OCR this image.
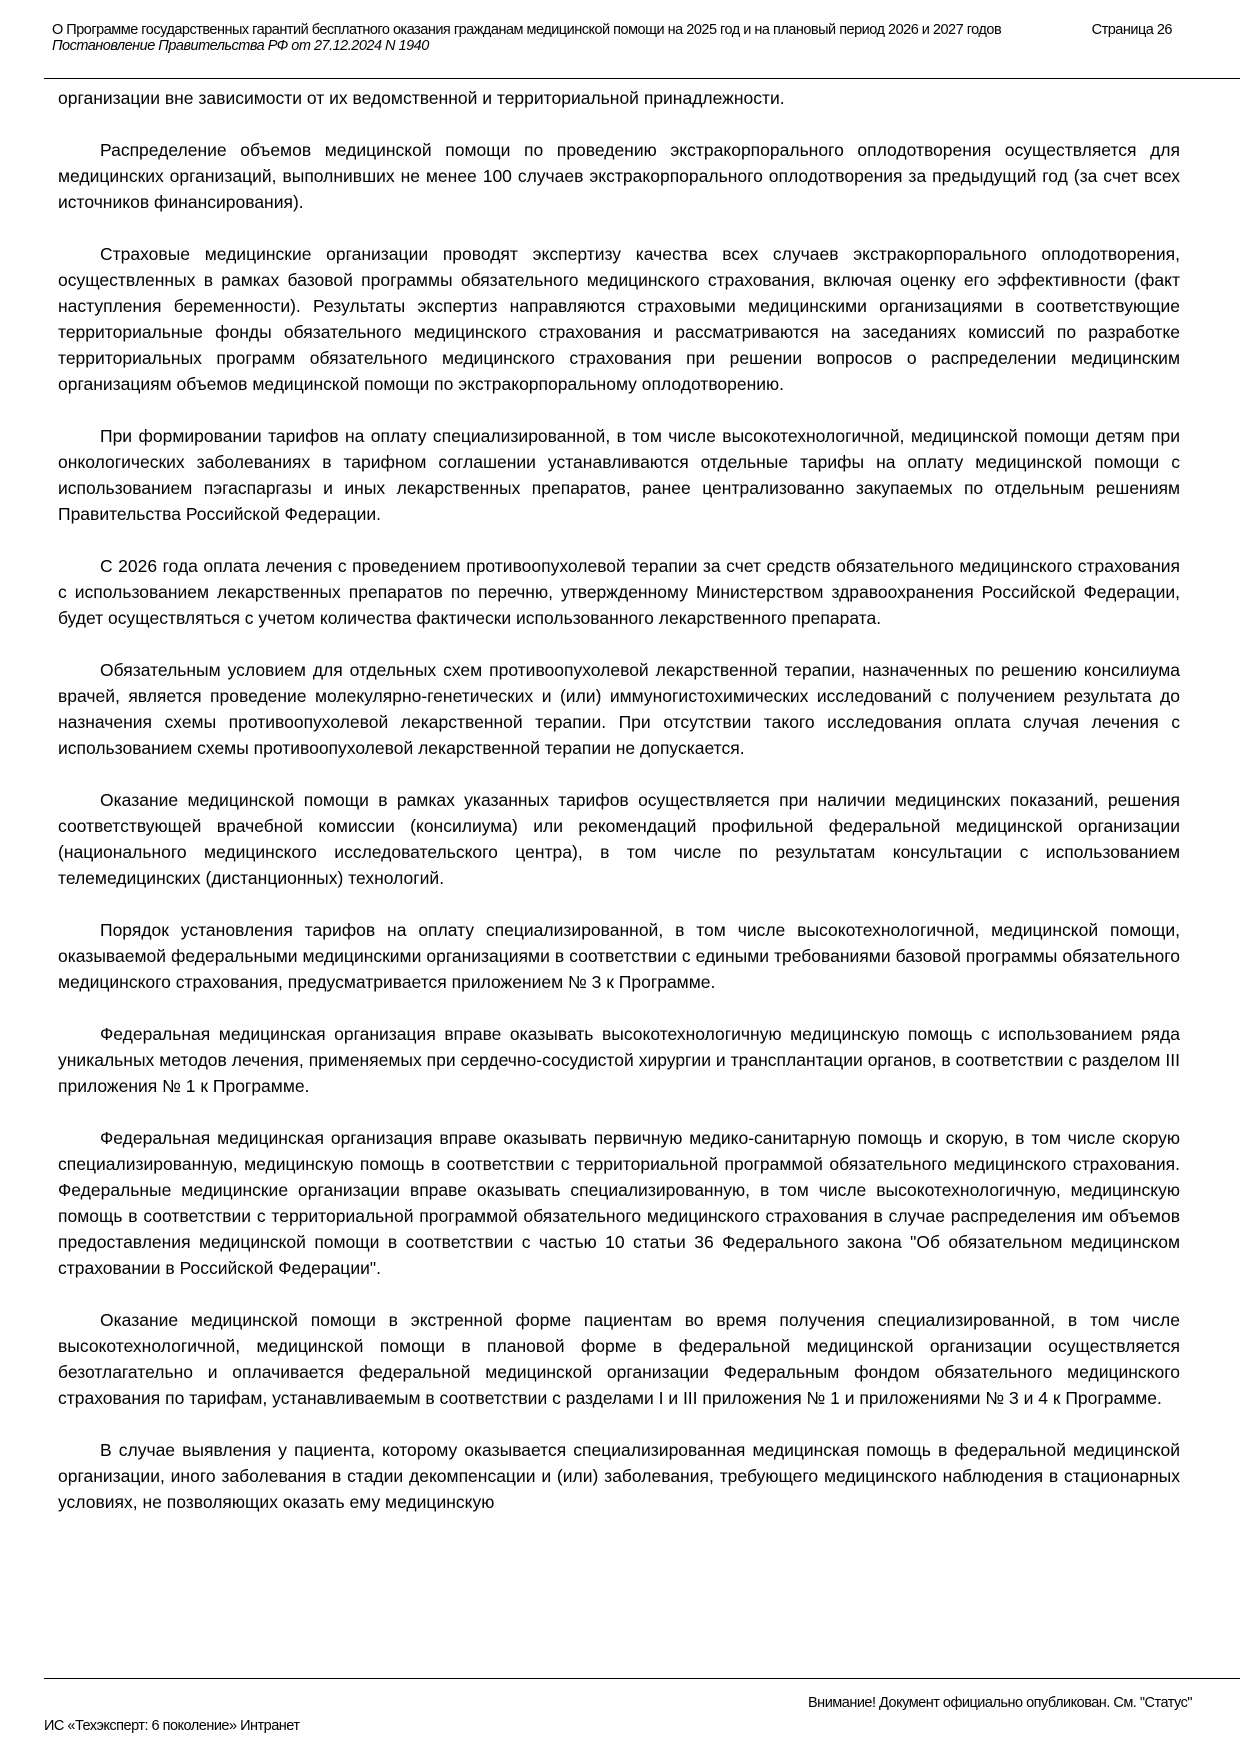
О Программе государственных гарантий бесплатного оказания гражданам медицинской помощи на 2025 год и на плановый период 2026 и 2027 годов
Постановление Правительства РФ от 27.12.2024 N 1940
Страница 26

организации вне зависимости от их ведомственной и территориальной принадлежности.

Распределение объемов медицинской помощи по проведению экстракорпорального оплодотворения осуществляется для медицинских организаций, выполнивших не менее 100 случаев экстракорпорального оплодотворения за предыдущий год (за счет всех источников финансирования).

Страховые медицинские организации проводят экспертизу качества всех случаев экстракорпорального оплодотворения, осуществленных в рамках базовой программы обязательного медицинского страхования, включая оценку его эффективности (факт наступления беременности). Результаты экспертиз направляются страховыми медицинскими организациями в соответствующие территориальные фонды обязательного медицинского страхования и рассматриваются на заседаниях комиссий по разработке территориальных программ обязательного медицинского страхования при решении вопросов о распределении медицинским организациям объемов медицинской помощи по экстракорпоральному оплодотворению.

При формировании тарифов на оплату специализированной, в том числе высокотехнологичной, медицинской помощи детям при онкологических заболеваниях в тарифном соглашении устанавливаются отдельные тарифы на оплату медицинской помощи с использованием пэгаспаргазы и иных лекарственных препаратов, ранее централизованно закупаемых по отдельным решениям Правительства Российской Федерации.

С 2026 года оплата лечения с проведением противоопухолевой терапии за счет средств обязательного медицинского страхования с использованием лекарственных препаратов по перечню, утвержденному Министерством здравоохранения Российской Федерации, будет осуществляться с учетом количества фактически использованного лекарственного препарата.

Обязательным условием для отдельных схем противоопухолевой лекарственной терапии, назначенных по решению консилиума врачей, является проведение молекулярно-генетических и (или) иммуногистохимических исследований с получением результата до назначения схемы противоопухолевой лекарственной терапии. При отсутствии такого исследования оплата случая лечения с использованием схемы противоопухолевой лекарственной терапии не допускается.

Оказание медицинской помощи в рамках указанных тарифов осуществляется при наличии медицинских показаний, решения соответствующей врачебной комиссии (консилиума) или рекомендаций профильной федеральной медицинской организации (национального медицинского исследовательского центра), в том числе по результатам консультации с использованием телемедицинских (дистанционных) технологий.

Порядок установления тарифов на оплату специализированной, в том числе высокотехнологичной, медицинской помощи, оказываемой федеральными медицинскими организациями в соответствии с едиными требованиями базовой программы обязательного медицинского страхования, предусматривается приложением № 3 к Программе.

Федеральная медицинская организация вправе оказывать высокотехнологичную медицинскую помощь с использованием ряда уникальных методов лечения, применяемых при сердечно-сосудистой хирургии и трансплантации органов, в соответствии с разделом III приложения № 1 к Программе.

Федеральная медицинская организация вправе оказывать первичную медико-санитарную помощь и скорую, в том числе скорую специализированную, медицинскую помощь в соответствии с территориальной программой обязательного медицинского страхования. Федеральные медицинские организации вправе оказывать специализированную, в том числе высокотехнологичную, медицинскую помощь в соответствии с территориальной программой обязательного медицинского страхования в случае распределения им объемов предоставления медицинской помощи в соответствии с частью 10 статьи 36 Федерального закона "Об обязательном медицинском страховании в Российской Федерации".

Оказание медицинской помощи в экстренной форме пациентам во время получения специализированной, в том числе высокотехнологичной, медицинской помощи в плановой форме в федеральной медицинской организации осуществляется безотлагательно и оплачивается федеральной медицинской организации Федеральным фондом обязательного медицинского страхования по тарифам, устанавливаемым в соответствии с разделами I и III приложения № 1 и приложениями № 3 и 4 к Программе.

В случае выявления у пациента, которому оказывается специализированная медицинская помощь в федеральной медицинской организации, иного заболевания в стадии декомпенсации и (или) заболевания, требующего медицинского наблюдения в стационарных условиях, не позволяющих оказать ему медицинскую

Внимание! Документ официально опубликован. См. "Статус"
ИС «Техэксперт: 6 поколение» Интранет
